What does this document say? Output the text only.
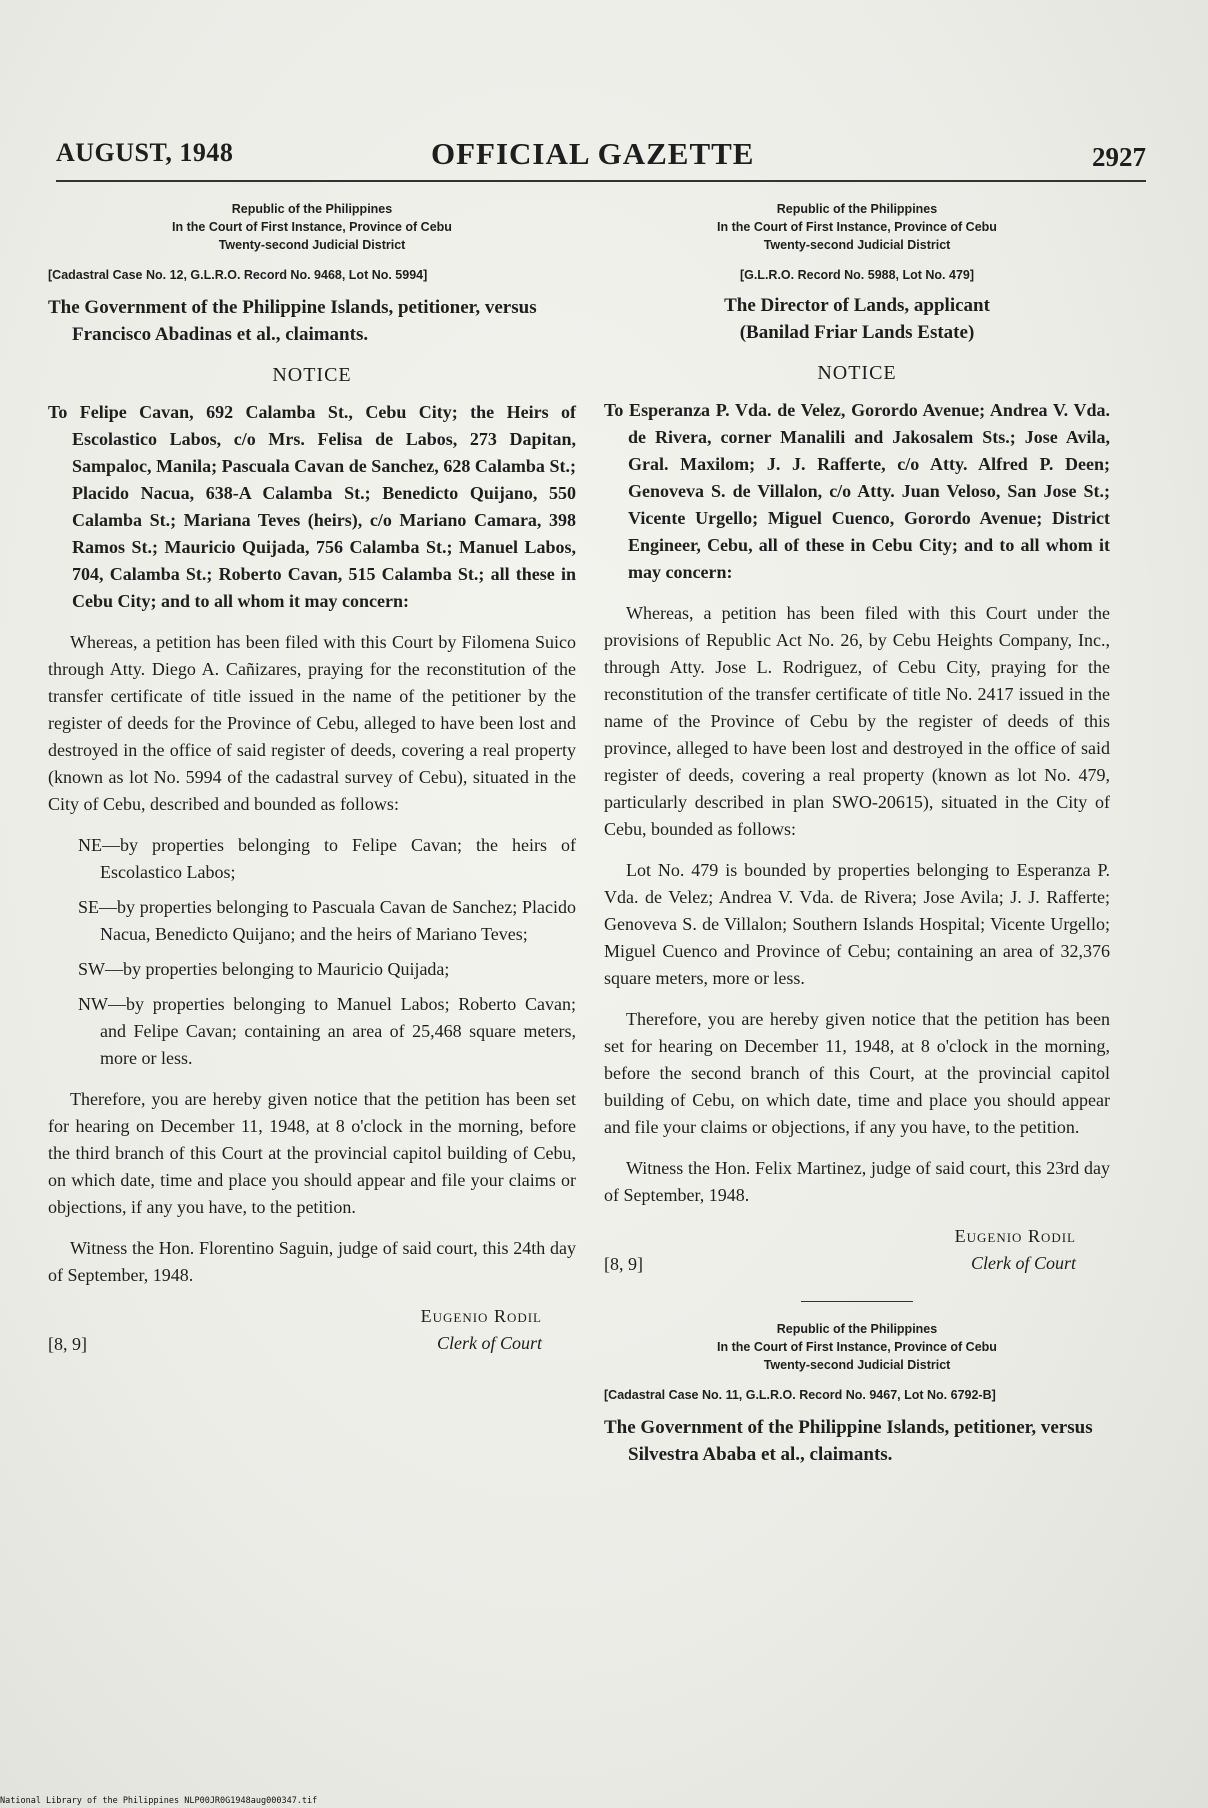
AUGUST, 1948	OFFICIAL GAZETTE	2927
Republic of the Philippines
In the Court of First Instance, Province of Cebu
Twenty-second Judicial District
[Cadastral Case No. 12, G.L.R.O. Record No. 9468, Lot No. 5994]
The Government of the Philippine Islands, petitioner, versus Francisco Abadinas et al., claimants.
NOTICE
To Felipe Cavan, 692 Calamba St., Cebu City; the Heirs of Escolastico Labos, c/o Mrs. Felisa de Labos, 273 Dapitan, Sampaloc, Manila; Pascuala Cavan de Sanchez, 628 Calamba St.; Placido Nacua, 638-A Calamba St.; Benedicto Quijano, 550 Calamba St.; Mariana Teves (heirs), c/o Mariano Camara, 398 Ramos St.; Mauricio Quijada, 756 Calamba St.; Manuel Labos, 704, Calamba St.; Roberto Cavan, 515 Calamba St.; all these in Cebu City; and to all whom it may concern:
Whereas, a petition has been filed with this Court by Filomena Suico through Atty. Diego A. Cañizares, praying for the reconstitution of the transfer certificate of title issued in the name of the petitioner by the register of deeds for the Province of Cebu, alleged to have been lost and destroyed in the office of said register of deeds, covering a real property (known as lot No. 5994 of the cadastral survey of Cebu), situated in the City of Cebu, described and bounded as follows:
NE—by properties belonging to Felipe Cavan; the heirs of Escolastico Labos;
SE—by properties belonging to Pascuala Cavan de Sanchez; Placido Nacua, Benedicto Quijano; and the heirs of Mariano Teves;
SW—by properties belonging to Mauricio Quijada;
NW—by properties belonging to Manuel Labos; Roberto Cavan; and Felipe Cavan; containing an area of 25,468 square meters, more or less.
Therefore, you are hereby given notice that the petition has been set for hearing on December 11, 1948, at 8 o'clock in the morning, before the third branch of this Court at the provincial capitol building of Cebu, on which date, time and place you should appear and file your claims or objections, if any you have, to the petition.
Witness the Hon. Florentino Saguin, judge of said court, this 24th day of September, 1948.
Eugenio Rodil
Clerk of Court
[8, 9]
Republic of the Philippines
In the Court of First Instance, Province of Cebu
Twenty-second Judicial District
[G.L.R.O. Record No. 5988, Lot No. 479]
The Director of Lands, applicant
(Banilad Friar Lands Estate)
NOTICE
To Esperanza P. Vda. de Velez, Gorordo Avenue; Andrea V. Vda. de Rivera, corner Manalili and Jakosalem Sts.; Jose Avila, Gral. Maxilom; J. J. Rafferte, c/o Atty. Alfred P. Deen; Genoveva S. de Villalon, c/o Atty. Juan Veloso, San Jose St.; Vicente Urgello; Miguel Cuenco, Gorordo Avenue; District Engineer, Cebu, all of these in Cebu City; and to all whom it may concern:
Whereas, a petition has been filed with this Court under the provisions of Republic Act No. 26, by Cebu Heights Company, Inc., through Atty. Jose L. Rodriguez, of Cebu City, praying for the reconstitution of the transfer certificate of title No. 2417 issued in the name of the Province of Cebu by the register of deeds of this province, alleged to have been lost and destroyed in the office of said register of deeds, covering a real property (known as lot No. 479, particularly described in plan SWO-20615), situated in the City of Cebu, bounded as follows:
Lot No. 479 is bounded by properties belonging to Esperanza P. Vda. de Velez; Andrea V. Vda. de Rivera; Jose Avila; J. J. Rafferte; Genoveva S. de Villalon; Southern Islands Hospital; Vicente Urgello; Miguel Cuenco and Province of Cebu; containing an area of 32,376 square meters, more or less.
Therefore, you are hereby given notice that the petition has been set for hearing on December 11, 1948, at 8 o'clock in the morning, before the second branch of this Court, at the provincial capitol building of Cebu, on which date, time and place you should appear and file your claims or objections, if any you have, to the petition.
Witness the Hon. Felix Martinez, judge of said court, this 23rd day of September, 1948.
Eugenio Rodil
Clerk of Court
[8, 9]
Republic of the Philippines
In the Court of First Instance, Province of Cebu
Twenty-second Judicial District
[Cadastral Case No. 11, G.L.R.O. Record No. 9467, Lot No. 6792-B]
The Government of the Philippine Islands, petitioner, versus Silvestra Ababa et al., claimants.
National Library of the Philippines NLP00JR0G1948aug000347.tif
